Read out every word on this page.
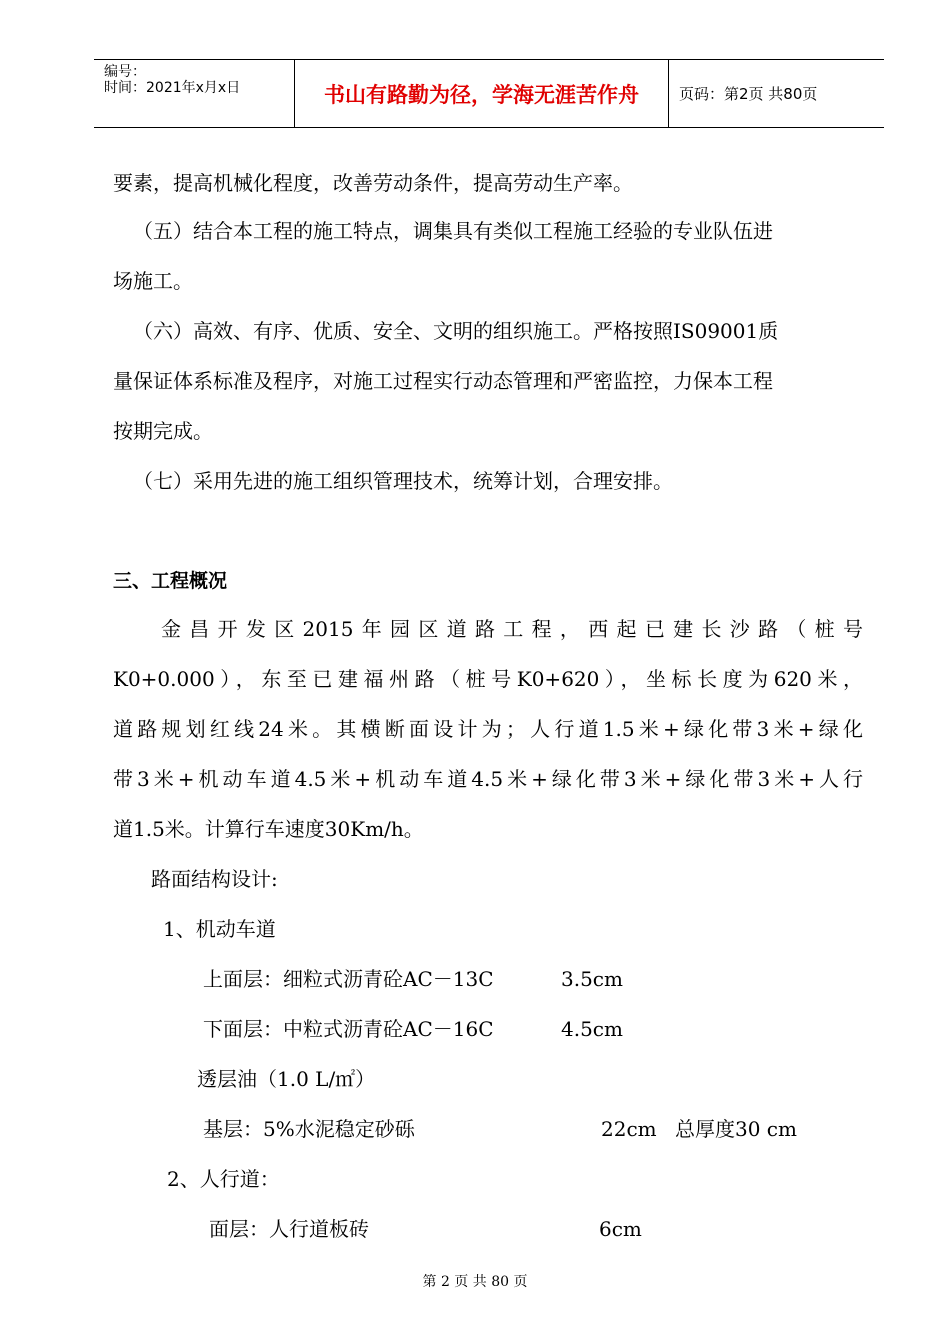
编号：
时间：2021年x月x日	书山有路勤为径，学海无涯苦作舟	页码：第2页 共80页
要素，提高机械化程度，改善劳动条件，提高劳动生产率。
（五）结合本工程的施工特点，调集具有类似工程施工经验的专业队伍进
场施工。
（六）高效、有序、优质、安全、文明的组织施工。严格按照IS09001质
量保证体系标准及程序，对施工过程实行动态管理和严密监控，力保本工程
按期完成。
（七）采用先进的施工组织管理技术，统筹计划，合理安排。
三、工程概况
金昌开发区2015年园区道路工程，西起已建长沙路（桩号
K0+0.000），东至已建福州路（桩号K0+620），坐标长度为620米，
道路规划红线24米。其横断面设计为；人行道1.5米+绿化带3米+绿化
带3米+机动车道4.5米+机动车道4.5米+绿化带3米+绿化带3米+人行
道1.5米。计算行车速度30Km/h。
路面结构设计:
1、机动车道
上面层：细粒式沥青砼AC－13C	3.5cm
下面层：中粒式沥青砼AC－16C	4.5cm
透层油（1.0 L/㎡）
基层：5%水泥稳定砂砾	22cm 总厚度30 cm
2、人行道：
面层：人行道板砖	6cm
第 2 页 共 80 页
